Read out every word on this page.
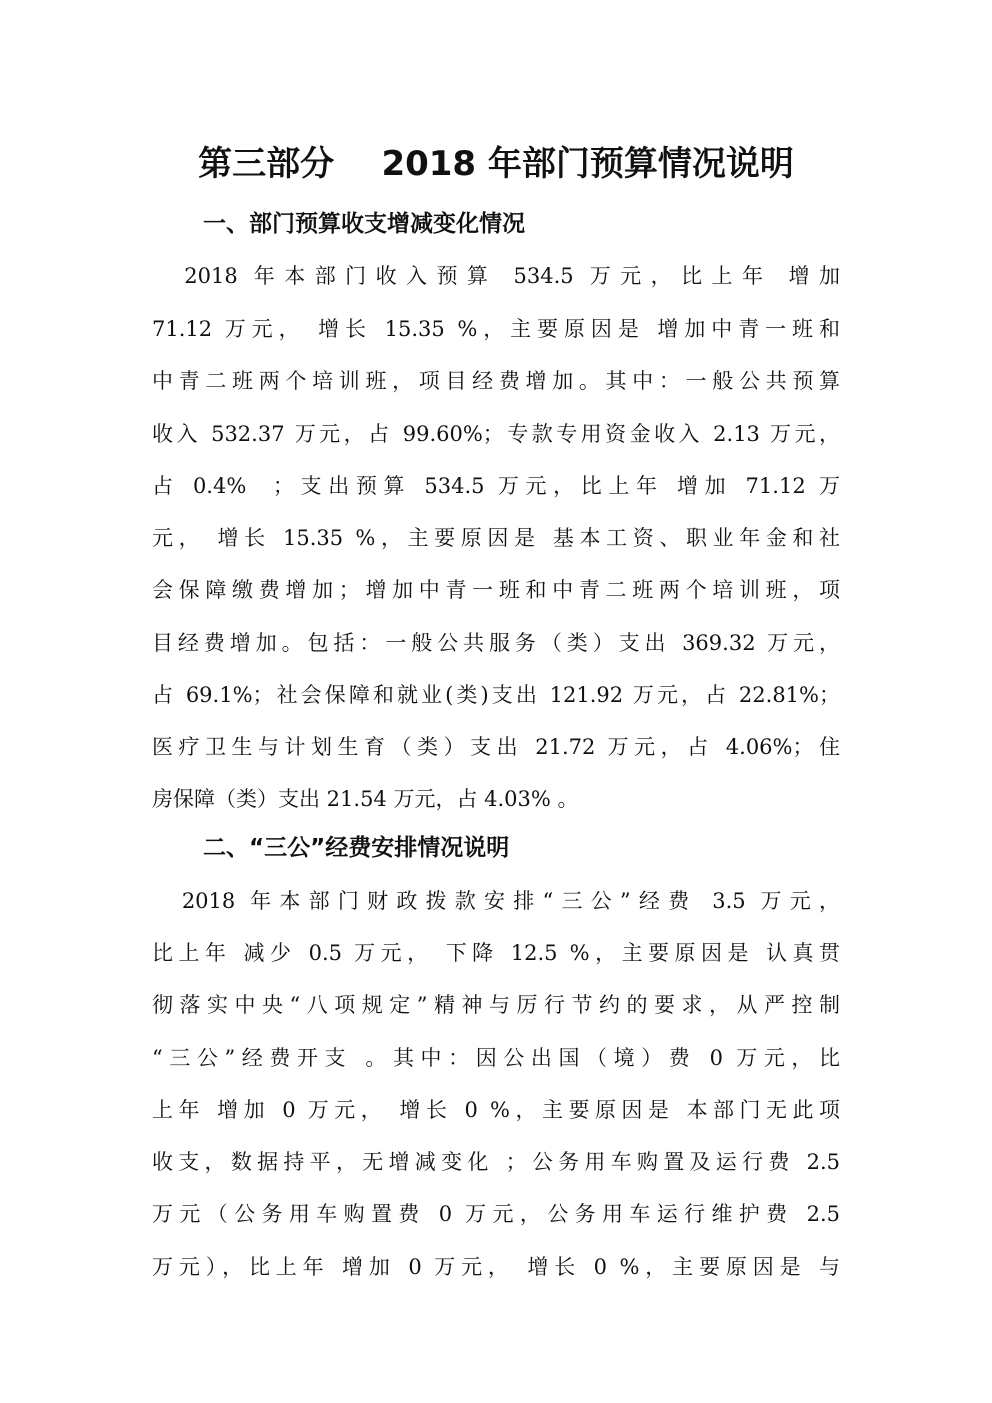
第三部分    2018 年部门预算情况说明
一、部门预算收支增减变化情况

2018 年本部门收入预算 534.5 万元，比上年 增加

71.12 万元， 增长 15.35 %，主要原因是 增加中青一班和

中青二班两个培训班，项目经费增加。其中：一般公共预算

收入 532.37 万元，占 99.60%；专款专用资金收入 2.13 万元，

占 0.4%  ；支出预算 534.5 万元，比上年 增加 71.12 万

元， 增长 15.35 %，主要原因是 基本工资、职业年金和社

会保障缴费增加；增加中青一班和中青二班两个培训班，项

目经费增加。包括：一般公共服务（类）支出 369.32 万元，

占 69.1%；社会保障和就业(类)支出 121.92 万元，占 22.81%；

医疗卫生与计划生育（类）支出 21.72 万元，占 4.06%；住

房保障（类）支出 21.54 万元，占 4.03% 。

二、“三公”经费安排情况说明

2018 年本部门财政拨款安排“三公”经费 3.5 万元，

比上年 减少 0.5 万元， 下降 12.5 %，主要原因是 认真贯

彻落实中央“八项规定”精神与厉行节约的要求，从严控制

“三公”经费开支 。其中：因公出国（境）费 0 万元，比

上年 增加 0 万元， 增长 0 %，主要原因是 本部门无此项

收支，数据持平，无增减变化 ；公务用车购置及运行费 2.5

万元（公务用车购置费 0 万元，公务用车运行维护费 2.5

万元），比上年 增加 0 万元， 增长 0 %，主要原因是 与
